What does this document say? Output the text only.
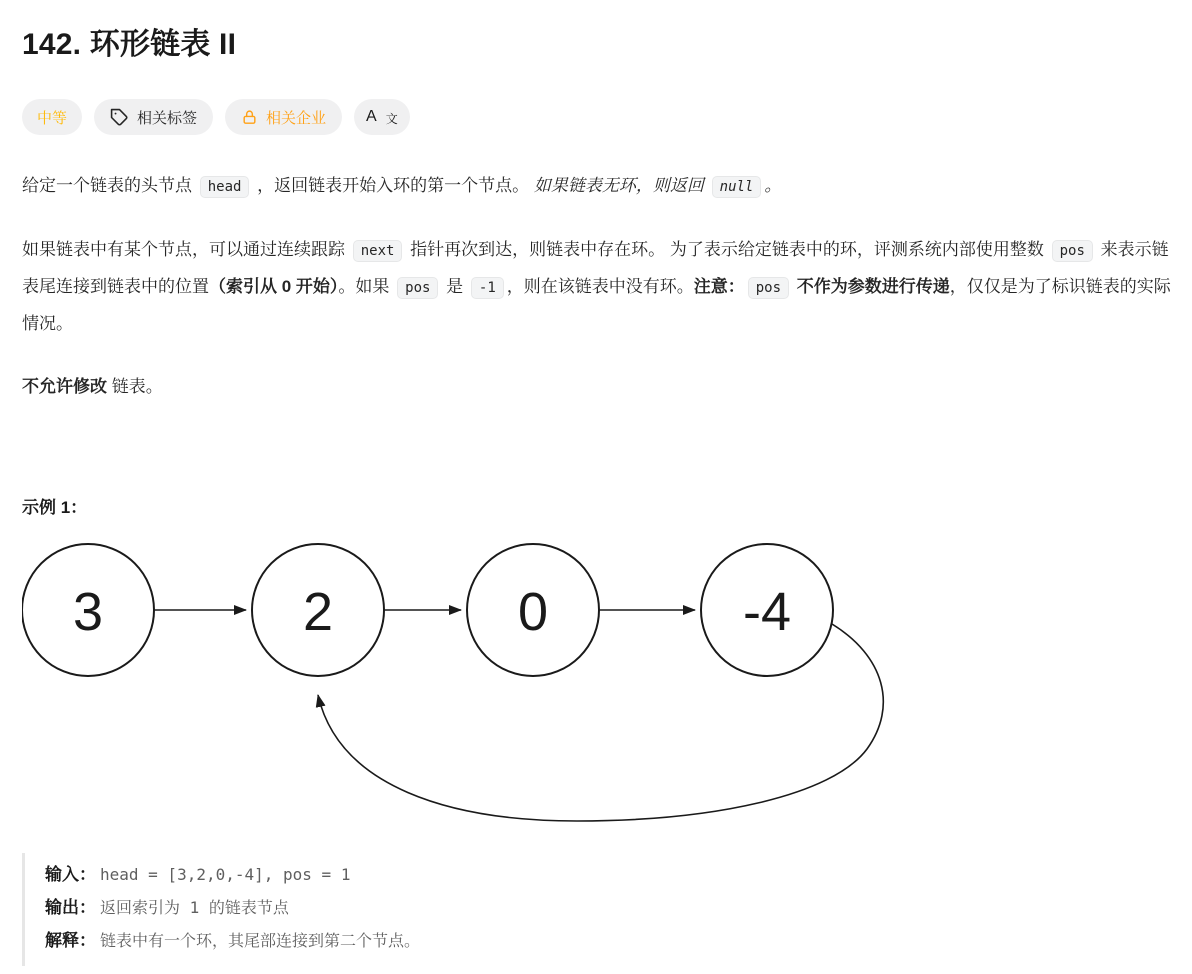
142. 环形链表 II
中等	相关标签	相关企业	A 文

给定一个链表的头节点 head ，返回链表开始入环的第一个节点。 如果链表无环，则返回 null 。

如果链表中有某个节点，可以通过连续跟踪 next 指针再次到达，则链表中存在环。 为了表示给定链表中的环，评测系统内部使用整数 pos 来表示链表尾连接到链表中的位置（索引从 0 开始）。如果 pos 是 -1 ，则在该链表中没有环。注意： pos 不作为参数进行传递，仅仅是为了标识链表的实际情况。

不允许修改 链表。

示例 1：
3	2	0	-4
输入： head = [3,2,0,-4], pos = 1
输出： 返回索引为 1 的链表节点
解释： 链表中有一个环，其尾部连接到第二个节点。
